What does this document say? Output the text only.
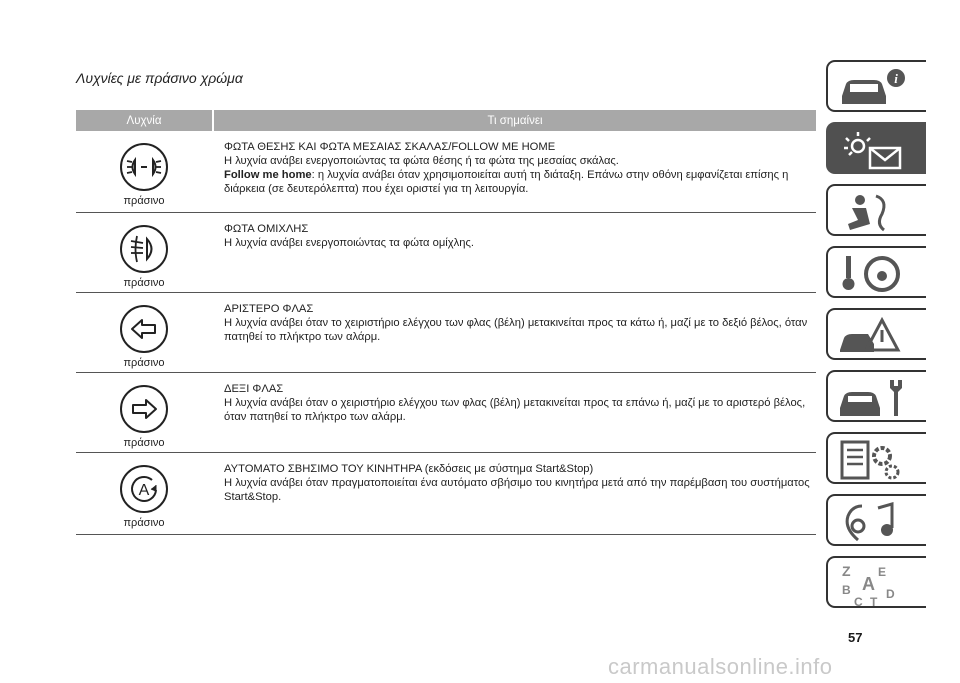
Λυχνίες με πράσινο χρώμα
Λυχνία	Τι σημαίνει
πράσινο
ΦΩΤΑ ΘΕΣΗΣ ΚΑΙ ΦΩΤΑ ΜΕΣΑΙΑΣ ΣΚΑΛΑΣ/FOLLOW ME HOME
Η λυχνία ανάβει ενεργοποιώντας τα φώτα θέσης ή τα φώτα της μεσαίας σκάλας.
Follow me home: η λυχνία ανάβει όταν χρησιμοποιείται αυτή τη διάταξη. Επάνω στην οθόνη εμφανίζεται επίσης η διάρκεια (σε δευτερόλεπτα) που έχει οριστεί για τη λειτουργία.
πράσινο
ΦΩΤΑ ΟΜΙΧΛΗΣ
Η λυχνία ανάβει ενεργοποιώντας τα φώτα ομίχλης.
πράσινο
ΑΡΙΣΤΕΡΟ ΦΛΑΣ
Η λυχνία ανάβει όταν το χειριστήριο ελέγχου των φλας (βέλη) μετακινείται προς τα κάτω ή, μαζί με το δεξιό βέλος, όταν πατηθεί το πλήκτρο των αλάρμ.
πράσινο
ΔΕΞΙ ΦΛΑΣ
Η λυχνία ανάβει όταν ο χειριστήριο ελέγχου των φλας (βέλη) μετακινείται προς τα επάνω ή, μαζί με το αριστερό βέλος, όταν πατηθεί το πλήκτρο των αλάρμ.
A
πράσινο
ΑΥΤΟΜΑΤΟ ΣΒΗΣΙΜΟ ΤΟΥ ΚΙΝΗΤΗΡΑ (εκδόσεις με σύστημα Start&Stop)
Η λυχνία ανάβει όταν πραγματοποιείται ένα αυτόματο σβήσιμο του κινητήρα μετά από την παρέμβαση του συστήματος Start&Stop.
i
Z E
B A D
C T
57
carmanualsonline.info
